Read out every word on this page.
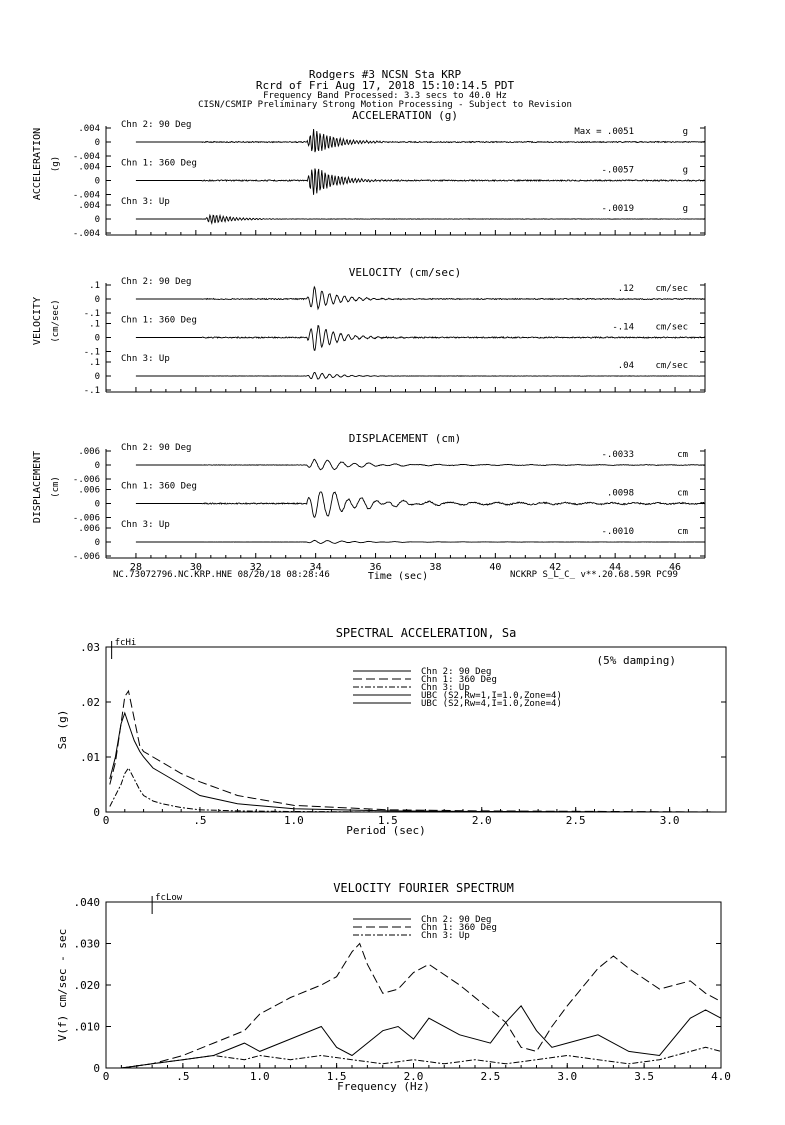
Rodgers #3 NCSN Sta KRP
Rcrd of Fri Aug 17, 2018 15:10:14.5 PDT
Frequency Band Processed: 3.3 secs to 40.0 Hz
CISN/CSMIP Preliminary Strong Motion Processing - Subject to Revision
ACCELERATION (g)
ACCELERATION (g)
.004
0
-.004
Chn 2: 90 Deg
Max = .0051	g
.004
0
-.004
Chn 1: 360 Deg
-.0057	g
.004
0
-.004
Chn 3: Up
-.0019	g
VELOCITY (cm/sec)
VELOCITY (cm/sec)
.1
0
-.1
Chn 2: 90 Deg
.12 cm/sec
.1
0
-.1
Chn 1: 360 Deg
-.14 cm/sec
.1
0
-.1
Chn 3: Up
.04 cm/sec
DISPLACEMENT (cm)
DISPLACEMENT (cm)
.006
0
-.006
Chn 2: 90 Deg
-.0033	cm
.006
0
-.006
Chn 1: 360 Deg
.0098	cm
.006
0
-.006
Chn 3: Up
-.0010	cm
28	30	32	34	36	38	40	42	44	46
Time (sec)
NC.73072796.NC.KRP.HNE 08/20/18 08:28:46	NCKRP S_L_C_ v**.20.68.59R PC99
SPECTRAL ACCELERATION, Sa
0
.01
.02
.03
0	.5	1.0	1.5	2.0	2.5	3.0
Period (sec)
Sa (g)
fcHi
(5% damping)
Chn 2: 90 Deg
Chn 1: 360 Deg
Chn 3: Up
UBC (S2,Rw=1,I=1.0,Zone=4)
UBC (S2,Rw=4,I=1.0,Zone=4)
VELOCITY FOURIER SPECTRUM
0
.010
.020
.030
.040
0	.5	1.0	1.5	2.0	2.5	3.0	3.5	4.0
Frequency (Hz)
V(f) cm/sec - sec
fcLow
Chn 2: 90 Deg
Chn 1: 360 Deg
Chn 3: Up
